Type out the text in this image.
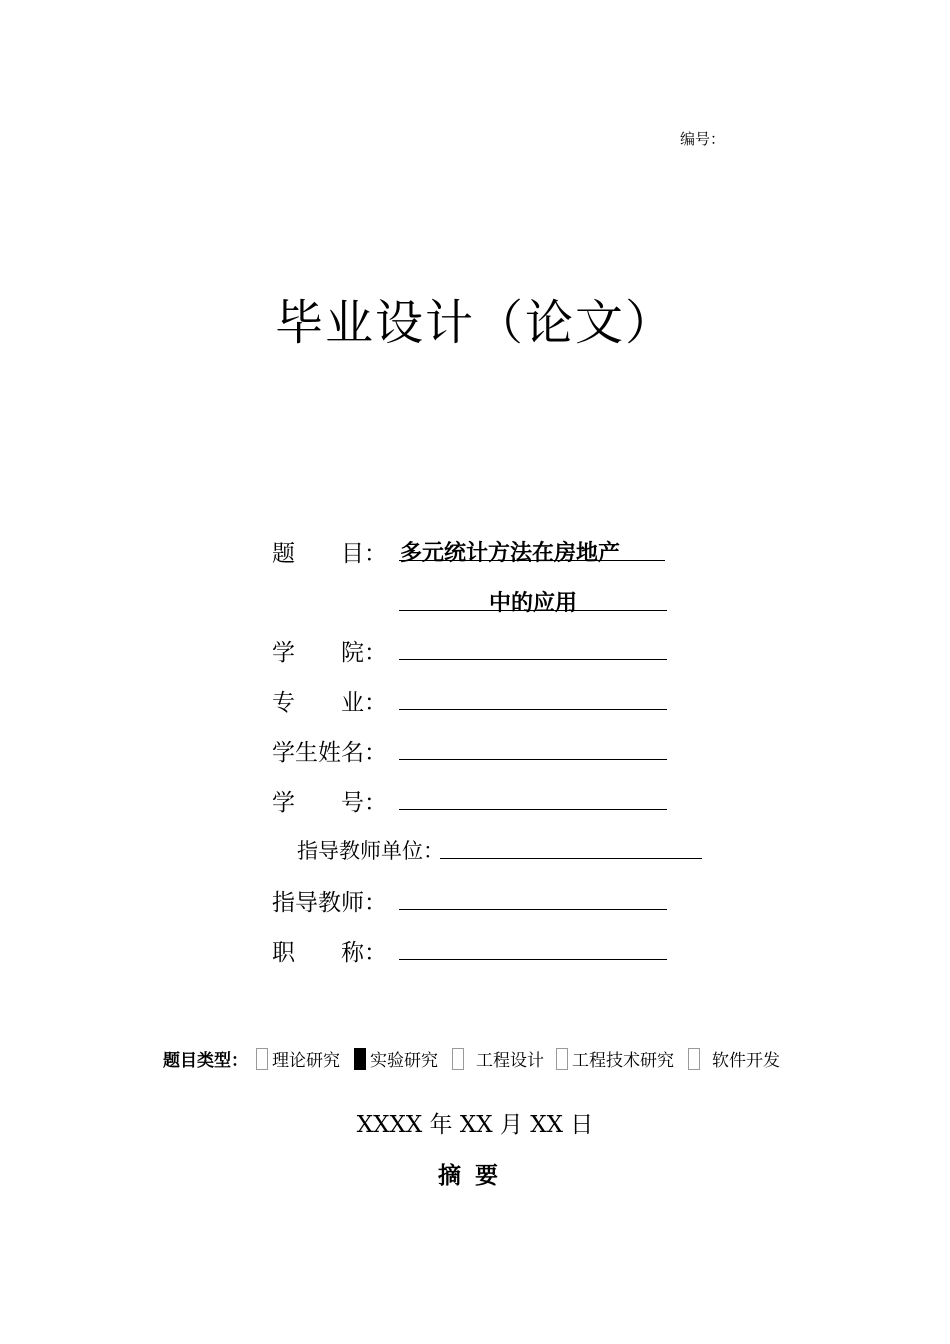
编号：
毕业设计（论文）
题　　目： 多元统计方法在房地产
中的应用
学　　院：
专　　业：
学生姓名：
学　　号：
指导教师单位：
指导教师：
职　　称：
题目类型： 理论研究 实验研究 工程设计 工程技术研究 软件开发
XXXX 年 XX 月 XX 日
摘要
